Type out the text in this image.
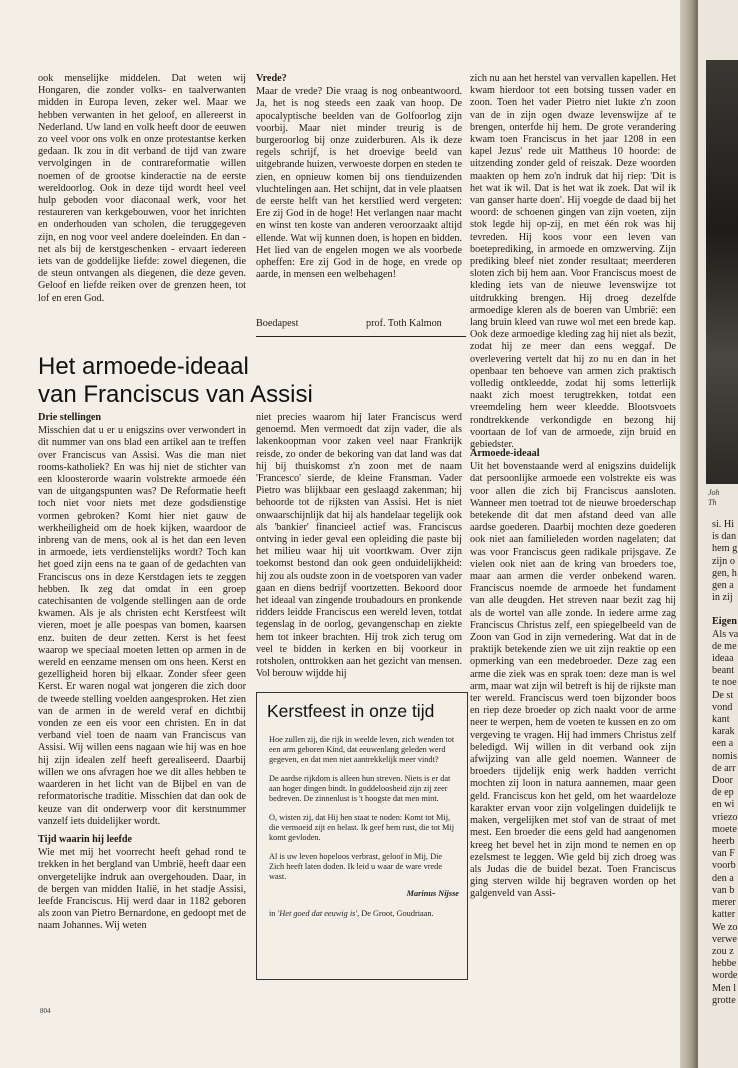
ook menselijke middelen. Dat weten wij Hongaren, die zonder volks- en taalverwanten midden in Europa leven, zeker wel. Maar we hebben verwanten in het geloof, en allereerst in Nederland. Uw land en volk heeft door de eeuwen zo veel voor ons volk en onze protestantse kerken gedaan. Ik zou in dit verband de tijd van zware vervolgingen in de contrareformatie willen noemen of de grootse kinderactie na de eerste wereldoorlog. Ook in deze tijd wordt heel veel hulp geboden voor diaconaal werk, voor het restaureren van kerkgebouwen, voor het inrichten en onderhouden van scholen, die teruggegeven zijn, en nog voor veel andere doeleinden. En dan - net als bij de kerstgeschenken - ervaart iedereen iets van de goddelijke liefde: zowel diegenen, die de steun ontvangen als diegenen, die deze geven. Geloof en liefde reiken over de grenzen heen, tot lof en eren God.

Vrede?

Maar de vrede? Die vraag is nog onbeantwoord. Ja, het is nog steeds een zaak van hoop. De apocalyptische beelden van de Golfoorlog zijn voorbij. Maar niet minder treurig is de burgeroorlog bij onze zuiderburen. Als ik deze regels schrijf, is het droevige beeld van uitgebrande huizen, verwoeste dorpen en steden te zien, en opnieuw komen bij ons tienduizenden vluchtelingen aan. Het schijnt, dat in vele plaatsen de eerste helft van het kerstlied werd vergeten: Ere zij God in de hoge! Het verlangen naar macht en winst ten koste van anderen veroorzaakt altijd ellende. Wat wij kunnen doen, is hopen en bidden. Het lied van de engelen mogen we als voorbede opheffen: Ere zij God in de hoge, en vrede op aarde, in mensen een welbehagen!

Boedapest	prof. Toth Kalmon

zich nu aan het herstel van vervallen kapellen. Het kwam hierdoor tot een botsing tussen vader en zoon. Toen het vader Pietro niet lukte z'n zoon van de in zijn ogen dwaze levenswijze af te brengen, onterfde hij hem. De grote verandering kwam toen Franciscus in het jaar 1208 in een kapel Jezus' rede uit Mattheus 10 hoorde: de uitzending zonder geld of reiszak. Deze woorden maakten op hem zo'n indruk dat hij riep: 'Dit is het wat ik wil. Dat is het wat ik zoek. Dat wil ik van ganser harte doen'. Hij voegde de daad bij het woord: de schoenen gingen van zijn voeten, zijn stok legde hij op-zij, en met één rok was hij tevreden. Hij koos voor een leven van boeteprediking, in armoede en omzwerving. Zijn prediking bleef niet zonder resultaat; meerderen sloten zich bij hem aan. Voor Franciscus moest de kleding iets van de nieuwe levenswijze tot uitdrukking brengen. Hij droeg dezelfde armoedige kleren als de boeren van Umbrië: een lang bruin kleed van ruwe wol met een brede kap. Ook deze armoedige kleding zag hij niet als bezit, zodat hij ze meer dan eens weggaf. De overlevering vertelt dat hij zo nu en dan in het openbaar ten behoeve van armen zich praktisch volledig ontkleedde, zodat hij soms letterlijk naakt zich moest terugtrekken, totdat een vreemdeling hem weer kleedde. Blootsvoets rondtrekkende verkondigde en bezong hij voortaan de lof van de armoede, zijn bruid en gebiedster.

Het armoede-ideaal
van Franciscus van Assisi
Drie stellingen

Misschien dat u er u enigszins over verwondert in dit nummer van ons blad een artikel aan te treffen over Franciscus van Assisi. Was die man niet rooms-katholiek? En was hij niet de stichter van een kloosterorde waarin volstrekte armoede één van de uitgangspunten was? De Reformatie heeft toch niet voor niets met deze godsdienstige vormen gebroken? Komt hier niet gauw de werkheiligheid om de hoek kijken, waardoor de inbreng van de mens, ook al is het dan een leven in armoede, iets verdienstelijks wordt? Toch kan het goed zijn eens na te gaan of de gedachten van Franciscus ons in deze Kerstdagen iets te zeggen hebben. Ik zeg dat omdat in een groep catechisanten de volgende stellingen aan de orde kwamen. Als je als christen echt Kerstfeest wilt vieren, moet je alle poespas van bomen, kaarsen enz. buiten de deur zetten. Kerst is het feest waarop we speciaal moeten letten op armen in de wereld en eenzame mensen om ons heen. Kerst en gezelligheid horen bij elkaar. Zonder sfeer geen Kerst. Er waren nogal wat jongeren die zich door de tweede stelling voelden aangesproken. Het zien van de armen in de wereld veraf en dichtbij vonden ze een eis voor een christen. En in dat verband viel toen de naam van Franciscus van Assisi. Wij willen eens nagaan wie hij was en hoe hij zijn idealen zelf heeft gerealiseerd. Daarbij willen we ons afvragen hoe we dit alles hebben te waarderen in het licht van de Bijbel en van de reformatorische traditie. Misschien dat dan ook de keuze van dit onderwerp voor dit kerstnummer vanzelf iets duidelijker wordt.

Tijd waarin hij leefde

Wie met mij het voorrecht heeft gehad rond te trekken in het bergland van Umbrië, heeft daar een onvergetelijke indruk aan overgehouden. Daar, in de bergen van midden Italië, in het stadje Assisi, leefde Franciscus. Hij werd daar in 1182 geboren als zoon van Pietro Bernardone, en gedoopt met de naam Johannes. Wij weten

niet precies waarom hij later Franciscus werd genoemd. Men vermoedt dat zijn vader, die als lakenkoopman voor zaken veel naar Frankrijk reisde, zo onder de bekoring van dat land was dat hij bij thuiskomst z'n zoon met de naam 'Francesco' sierde, de kleine Fransman. Vader Pietro was blijkbaar een geslaagd zakenman; hij behoorde tot de rijksten van Assisi. Het is niet onwaarschijnlijk dat hij als handelaar tegelijk ook als 'bankier' financieel actief was. Franciscus ontving in ieder geval een opleiding die paste bij het milieu waar hij uit voortkwam. Over zijn toekomst bestond dan ook geen onduidelijkheid: hij zou als oudste zoon in de voetsporen van vader gaan en diens bedrijf voortzetten. Bekoord door het ideaal van zingende troubadours en pronkende ridders leidde Franciscus een wereld leven, totdat tegenslag in de oorlog, gevangenschap en ziekte hem tot inkeer brachten. Hij trok zich terug om veel te bidden in kerken en bij voorkeur in rotsholen, onttrokken aan het gezicht van mensen. Vol berouw wijdde hij

Kerstfeest in onze tijd
Hoe zullen zij, die rijk in weelde leven, zich wenden tot een arm geboren Kind, dat eeuwenlang geleden werd gegeven, en dat men niet aantrekkelijk meer vindt?
De aardse rijkdom is alleen hun streven. Niets is er dat aan hoger dingen bindt. In goddeloosheid zijn zij zeer bedreven. De zinnenlust is 't hoogste dat men mint.
O, wisten zij, dat Hij hen staat te noden: Komt tot Mij, die vermoeid zijt en belast. Ik geef hem rust, die tot Mij komt gevloden.
Al is uw leven hopeloos verbrast, geloof in Mij, Die Zich heeft laten doden. Ik leid u waar de ware vrede wast.
Marinus Nijsse
in 'Het goed dat eeuwig is', De Groot, Goudriaan.
Armoede-ideaal

Uit het bovenstaande werd al enigszins duidelijk dat persoonlijke armoede een volstrekte eis was voor allen die zich bij Franciscus aansloten. Wanneer men toetrad tot de nieuwe broederschap betekende dit dat men afstand deed van alle aardse goederen. Daarbij mochten deze goederen ook niet aan familieleden worden nagelaten; dat was voor Franciscus geen radikale prijsgave. Ze vielen ook niet aan de kring van broeders toe, maar aan armen die verder onbekend waren. Franciscus noemde de armoede het fundament van alle deugden. Het streven naar bezit zag hij als de wortel van alle zonde. In iedere arme zag Franciscus Christus zelf, een spiegelbeeld van de Zoon van God in zijn vernedering. Wat dat in de praktijk betekende zien we uit zijn reaktie op een opmerking van een medebroeder. Deze zag een arme die ziek was en sprak toen: deze man is wel arm, maar wat zijn wil betreft is hij de rijkste man ter wereld. Franciscus werd toen bijzonder boos en riep deze broeder op zich naakt voor de arme neer te werpen, hem de voeten te kussen en zo om vergeving te vragen. Hij had immers Christus zelf beledigd. Wij willen in dit verband ook zijn afwijzing van alle geld noemen. Wanneer de broeders tijdelijk enig werk hadden verricht mochten zij loon in natura aannemen, maar geen geld. Franciscus kon het geld, om het waardeloze karakter ervan voor zijn volgelingen duidelijk te maken, vergelijken met stof van de straat of met mest. Een broeder die eens geld had aangenomen kreeg het bevel het in zijn mond te nemen en op ezelsmest te leggen. Wie geld bij zich droeg was als Judas die de buidel bezat. Toen Franciscus ging sterven wilde hij begraven worden op het galgenveld van Assi-

804
Joh
Th
si. Hi
is dan
hem g
zijn o
gen, h
gen a
in zij
Eigen
Als va
de me
ideaa
beant
te noe
De st
vond
kant
karak
een a
nomis
de arr
Door
de ep
en wi
vriezo
moete
heerb
van F
voorb
den a
van b
merer
katter
We zo
verwe
zou z
hebbe
worde
Men l
grotte
